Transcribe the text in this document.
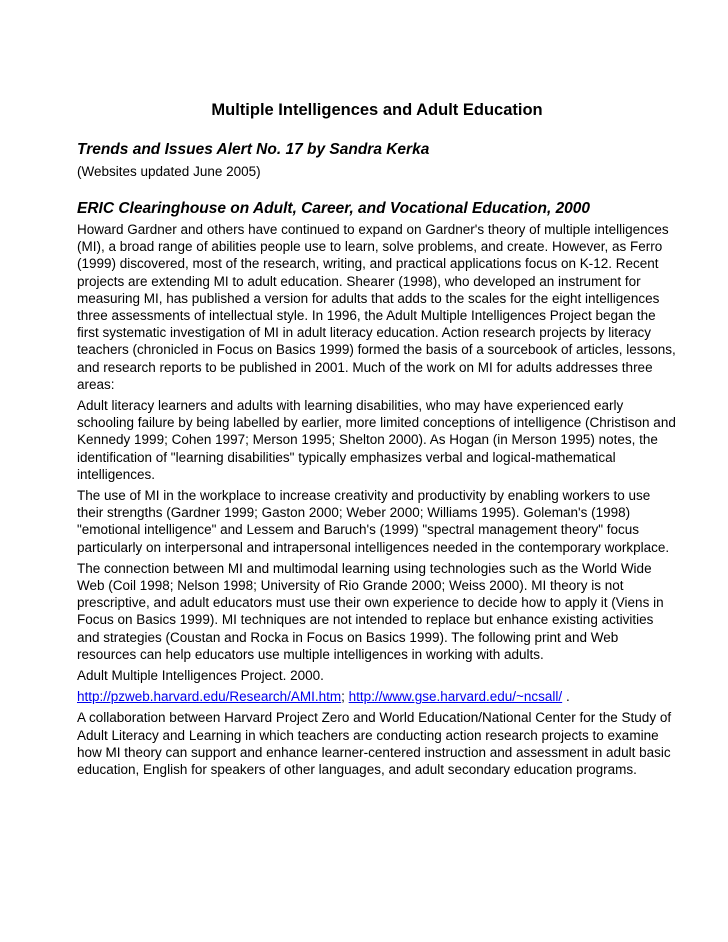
Multiple Intelligences and Adult Education
Trends and Issues Alert No. 17 by Sandra Kerka
(Websites updated June 2005)
ERIC Clearinghouse on Adult, Career, and Vocational Education, 2000

Howard Gardner and others have continued to expand on Gardner's theory of multiple intelligences (MI), a broad range of abilities people use to learn, solve problems, and create. However, as Ferro (1999) discovered, most of the research, writing, and practical applications focus on K-12. Recent projects are extending MI to adult education. Shearer (1998), who developed an instrument for measuring MI, has published a version for adults that adds to the scales for the eight intelligences three assessments of intellectual style. In 1996, the Adult Multiple Intelligences Project began the first systematic investigation of MI in adult literacy education. Action research projects by literacy teachers (chronicled in Focus on Basics 1999) formed the basis of a sourcebook of articles, lessons, and research reports to be published in 2001. Much of the work on MI for adults addresses three areas:

Adult literacy learners and adults with learning disabilities, who may have experienced early schooling failure by being labelled by earlier, more limited conceptions of intelligence (Christison and Kennedy 1999; Cohen 1997; Merson 1995; Shelton 2000). As Hogan (in Merson 1995) notes, the identification of "learning disabilities" typically emphasizes verbal and logical-mathematical intelligences.

The use of MI in the workplace to increase creativity and productivity by enabling workers to use their strengths (Gardner 1999; Gaston 2000; Weber 2000; Williams 1995). Goleman's (1998) "emotional intelligence" and Lessem and Baruch's (1999) "spectral management theory" focus particularly on interpersonal and intrapersonal intelligences needed in the contemporary workplace.

The connection between MI and multimodal learning using technologies such as the World Wide Web (Coil 1998; Nelson 1998; University of Rio Grande 2000; Weiss 2000). MI theory is not prescriptive, and adult educators must use their own experience to decide how to apply it (Viens in Focus on Basics 1999). MI techniques are not intended to replace but enhance existing activities and strategies (Coustan and Rocka in Focus on Basics 1999). The following print and Web resources can help educators use multiple intelligences in working with adults.

Adult Multiple Intelligences Project. 2000.

http://pzweb.harvard.edu/Research/AMI.htm; http://www.gse.harvard.edu/~ncsall/ .

A collaboration between Harvard Project Zero and World Education/National Center for the Study of Adult Literacy and Learning in which teachers are conducting action research projects to examine how MI theory can support and enhance learner-centered instruction and assessment in adult basic education, English for speakers of other languages, and adult secondary education programs.
